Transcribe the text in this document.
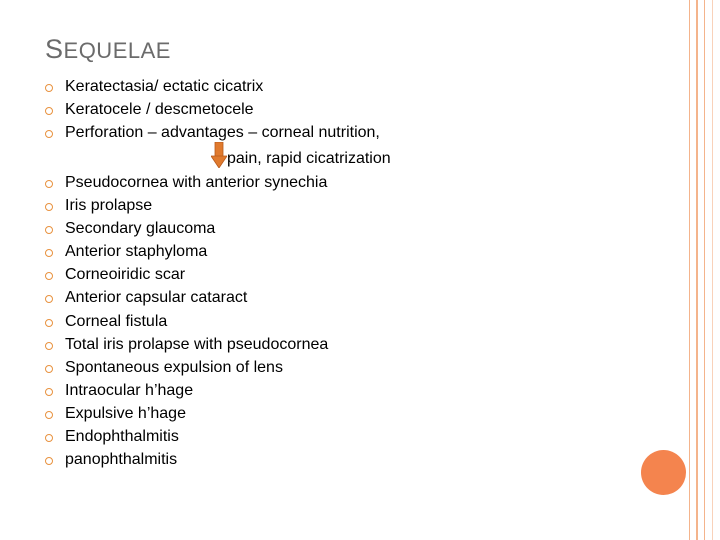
SEQUELAE
Keratectasia/ ectatic cicatrix
Keratocele / descmetocele
Perforation – advantages – corneal nutrition,
Pseudocornea with anterior synechia
Iris prolapse
Secondary glaucoma
Anterior staphyloma
Corneoiridic scar
Anterior capsular cataract
Corneal fistula
Total iris prolapse with pseudocornea
Spontaneous expulsion of lens
Intraocular h’hage
Expulsive h’hage
Endophthalmitis
panophthalmitis
pain, rapid cicatrization
